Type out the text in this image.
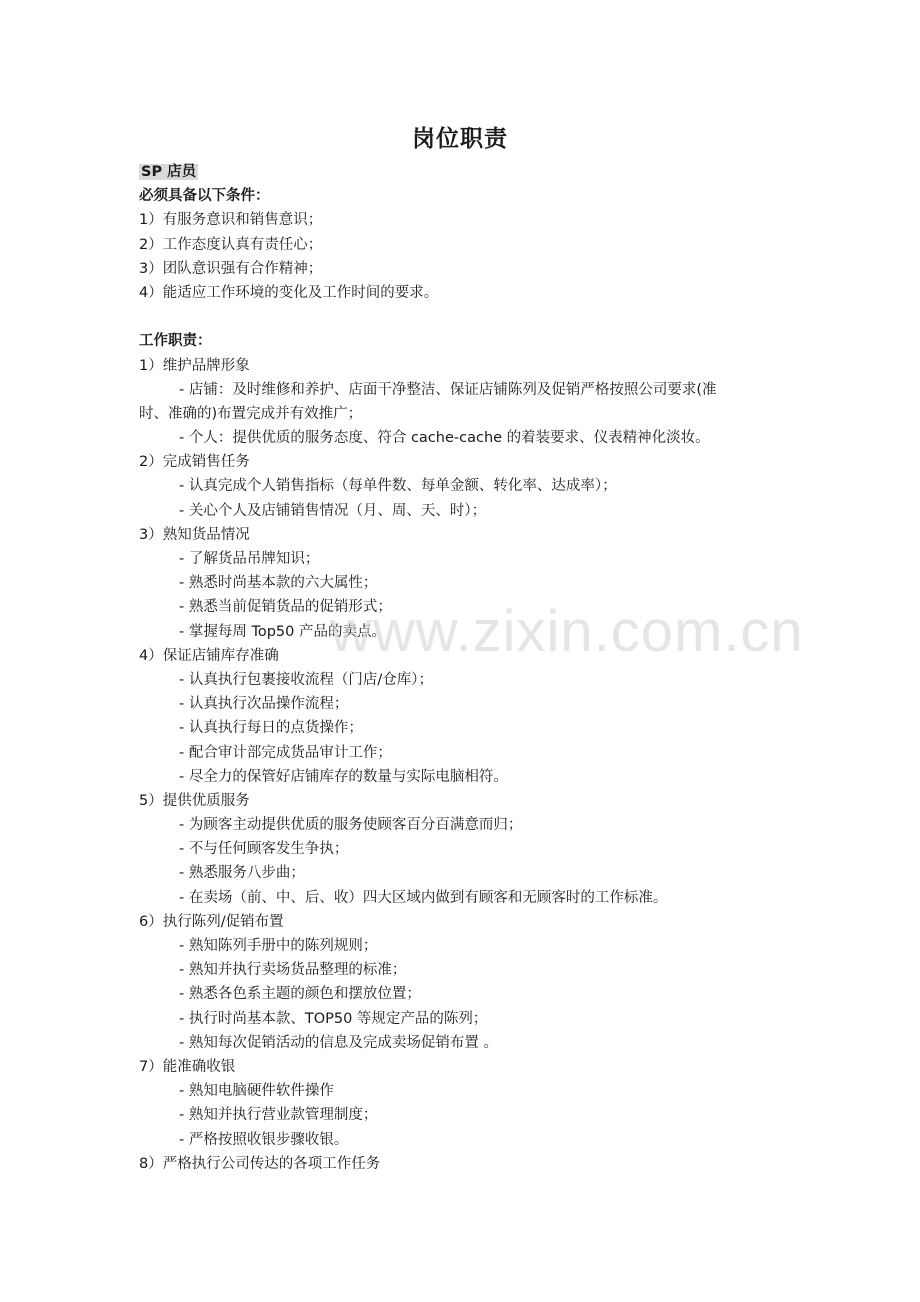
岗位职责
SP 店员
必须具备以下条件：
1）有服务意识和销售意识；
2）工作态度认真有责任心；
3）团队意识强有合作精神；
4）能适应工作环境的变化及工作时间的要求。
工作职责：
1）维护品牌形象
- 店铺：及时维修和养护、店面干净整洁、保证店铺陈列及促销严格按照公司要求(准
时、准确的)布置完成并有效推广；
- 个人：提供优质的服务态度、符合 cache-cache 的着装要求、仪表精神化淡妆。
2）完成销售任务
- 认真完成个人销售指标（每单件数、每单金额、转化率、达成率）；
- 关心个人及店铺销售情况（月、周、天、时）；
3）熟知货品情况
- 了解货品吊牌知识；
- 熟悉时尚基本款的六大属性；
- 熟悉当前促销货品的促销形式；
- 掌握每周 Top50 产品的卖点。
4）保证店铺库存准确
- 认真执行包裹接收流程（门店/仓库）；
- 认真执行次品操作流程；
- 认真执行每日的点货操作；
- 配合审计部完成货品审计工作；
- 尽全力的保管好店铺库存的数量与实际电脑相符。
5）提供优质服务
- 为顾客主动提供优质的服务使顾客百分百满意而归；
- 不与任何顾客发生争执；
- 熟悉服务八步曲；
- 在卖场（前、中、后、收）四大区域内做到有顾客和无顾客时的工作标准。
6）执行陈列/促销布置
- 熟知陈列手册中的陈列规则；
- 熟知并执行卖场货品整理的标准；
- 熟悉各色系主题的颜色和摆放位置；
- 执行时尚基本款、TOP50 等规定产品的陈列；
- 熟知每次促销活动的信息及完成卖场促销布置 。
7）能准确收银
- 熟知电脑硬件软件操作
- 熟知并执行营业款管理制度；
- 严格按照收银步骤收银。
8）严格执行公司传达的各项工作任务
www.zixin.com.cn
